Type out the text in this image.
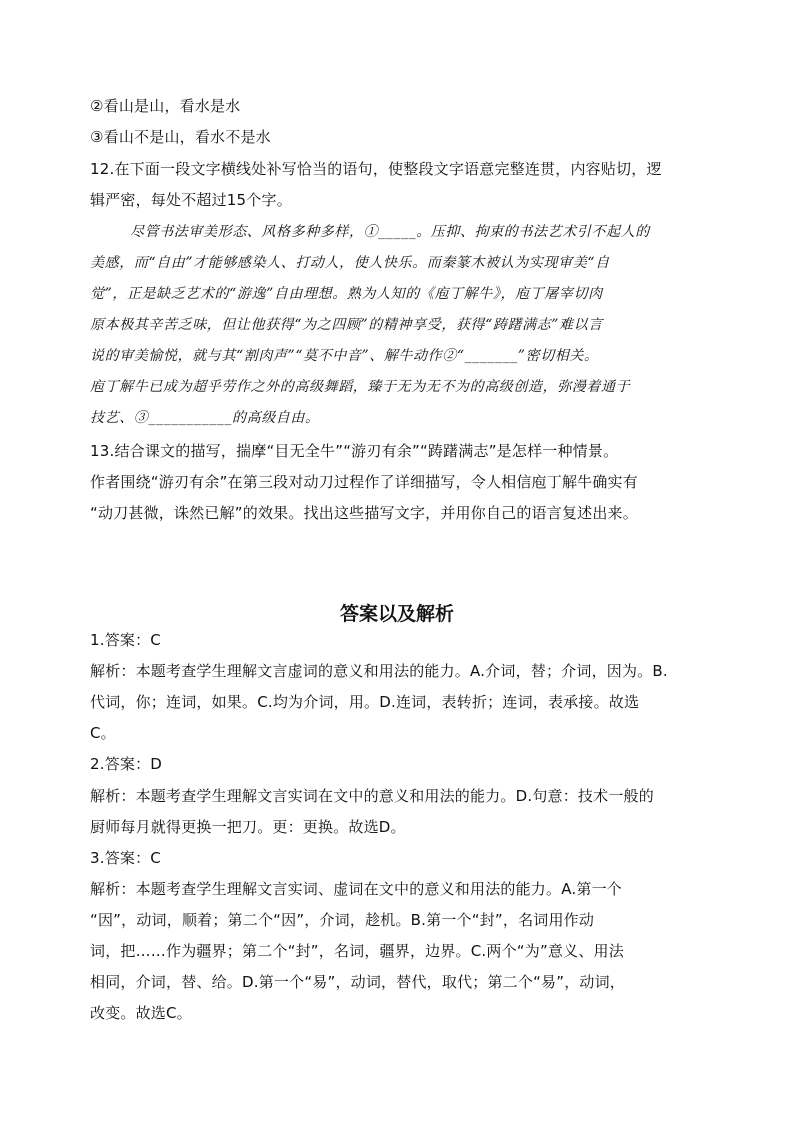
②看山是山，看水是水
③看山不是山，看水不是水
12.在下面一段文字横线处补写恰当的语句，使整段文字语意完整连贯，内容贴切，逻
辑严密，每处不超过15个字。
尽管书法审美形态、风格多种多样，①_____。压抑、拘束的书法艺术引不起人的
美感，而“自由”才能够感染人、打动人，使人快乐。而秦篆木被认为实现审美“自
觉”，正是缺乏艺术的“游逸”自由理想。熟为人知的《庖丁解牛》，庖丁屠宰切肉
原本极其辛苦乏味，但让他获得“为之四顾”的精神享受，获得“踌躇满志”难以言
说的审美愉悦，就与其“割肉声”“莫不中音”、解牛动作②“_______”密切相关。
庖丁解牛已成为超乎劳作之外的高级舞蹈，臻于无为无不为的高级创造，弥漫着通于
技艺、③___________的高级自由。
13.结合课文的描写，揣摩“目无全牛”“游刃有余”“踌躇满志”是怎样一种情景。
作者围绕“游刃有余”在第三段对动刀过程作了详细描写，令人相信庖丁解牛确实有
“动刀甚微，诛然已解”的效果。找出这些描写文字，并用你自己的语言复述出来。
答案以及解析
1.答案：C
解析：本题考查学生理解文言虚词的意义和用法的能力。A.介词，替；介词，因为。B.
代词，你；连词，如果。C.均为介词，用。D.连词，表转折；连词，表承接。故选
C。
2.答案：D
解析：本题考查学生理解文言实词在文中的意义和用法的能力。D.句意：技术一般的
厨师每月就得更换一把刀。更：更换。故选D。
3.答案：C
解析：本题考查学生理解文言实词、虚词在文中的意义和用法的能力。A.第一个
“因”，动词，顺着；第二个“因”，介词，趁机。B.第一个“封”，名词用作动
词，把……作为疆界；第二个“封”，名词，疆界，边界。C.两个“为”意义、用法
相同，介词，替、给。D.第一个“易”，动词，替代，取代；第二个“易”，动词，
改变。故选C。
